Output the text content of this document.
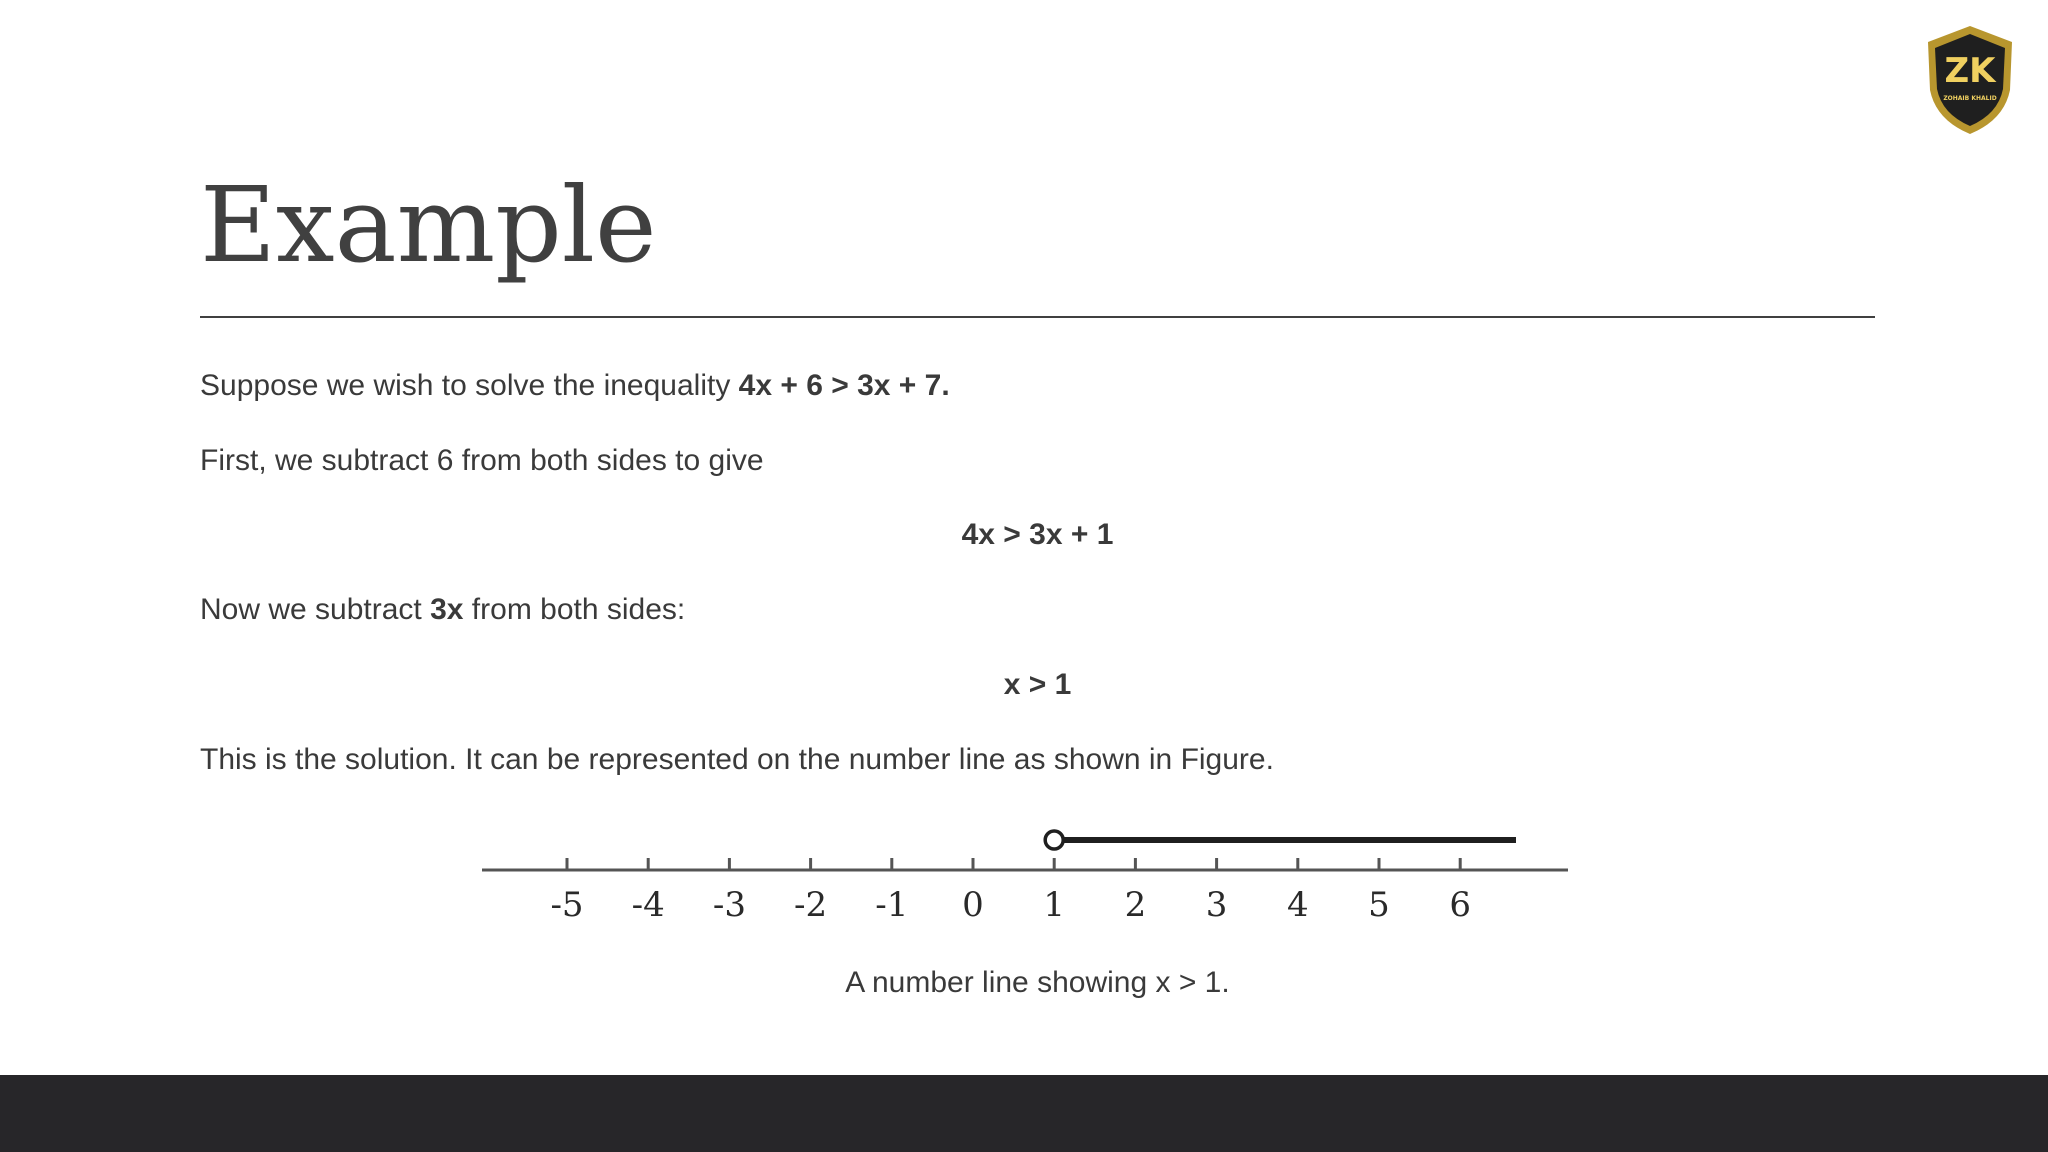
ZK
ZOHAIB KHALID
Example
Suppose we wish to solve the inequality 4x + 6 > 3x + 7.
First, we subtract 6 from both sides to give
4x > 3x + 1
Now we subtract 3x from both sides:
x > 1
This is the solution. It can be represented on the number line as shown in Figure.
-5 -4 -3 -2 -1 0 1 2 3 4 5 6
A number line showing x > 1.
